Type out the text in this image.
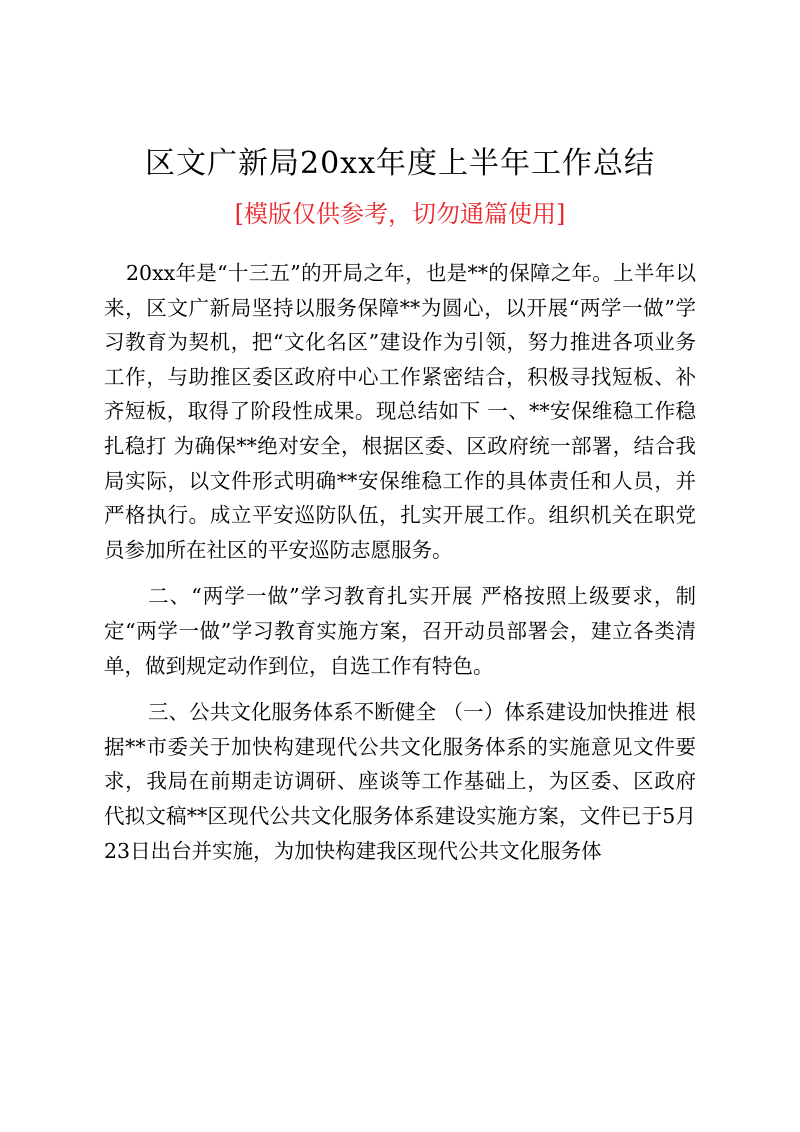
区文广新局20xx年度上半年工作总结
[模版仅供参考，切勿通篇使用]

20xx年是“十三五”的开局之年，也是**的保障之年。上半年以来，区文广新局坚持以服务保障**为圆心，以开展“两学一做”学习教育为契机，把“文化名区”建设作为引领，努力推进各项业务工作，与助推区委区政府中心工作紧密结合，积极寻找短板、补齐短板，取得了阶段性成果。现总结如下 一、**安保维稳工作稳扎稳打 为确保**绝对安全，根据区委、区政府统一部署，结合我局实际，以文件形式明确**安保维稳工作的具体责任和人员，并严格执行。成立平安巡防队伍，扎实开展工作。组织机关在职党员参加所在社区的平安巡防志愿服务。

二、“两学一做”学习教育扎实开展 严格按照上级要求，制定“两学一做”学习教育实施方案，召开动员部署会，建立各类清单，做到规定动作到位，自选工作有特色。

三、公共文化服务体系不断健全 （一）体系建设加快推进 根据**市委关于加快构建现代公共文化服务体系的实施意见文件要求，我局在前期走访调研、座谈等工作基础上，为区委、区政府代拟文稿**区现代公共文化服务体系建设实施方案，文件已于5月23日出台并实施，为加快构建我区现代公共文化服务体
